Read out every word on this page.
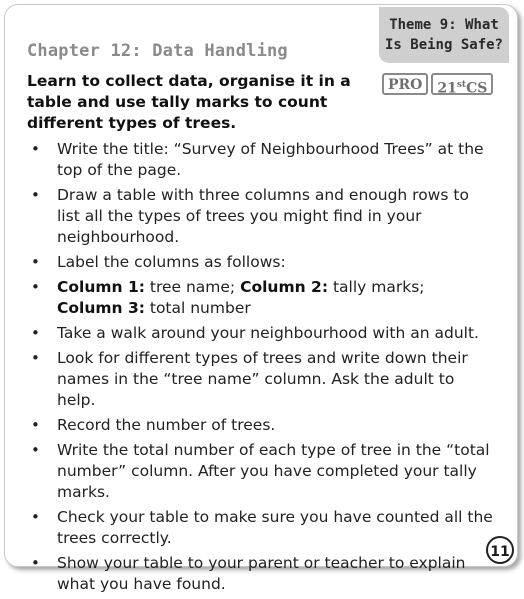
Theme 9: What
Is Being Safe?
Chapter 12: Data Handling
Learn to collect data, organise it in a table and use tally marks to count different types of trees.
PRO	21stCS
• Write the title: “Survey of Neighbourhood Trees” at the top of the page.
• Draw a table with three columns and enough rows to list all the types of trees you might find in your neighbourhood.
• Label the columns as follows:
• Column 1: tree name; Column 2: tally marks;
Column 3: total number
• Take a walk around your neighbourhood with an adult.
• Look for different types of trees and write down their names in the “tree name” column. Ask the adult to help.
• Record the number of trees.
• Write the total number of each type of tree in the “total number” column. After you have completed your tally marks.
• Check your table to make sure you have counted all the trees correctly.
• Show your table to your parent or teacher to explain what you have found.
11
